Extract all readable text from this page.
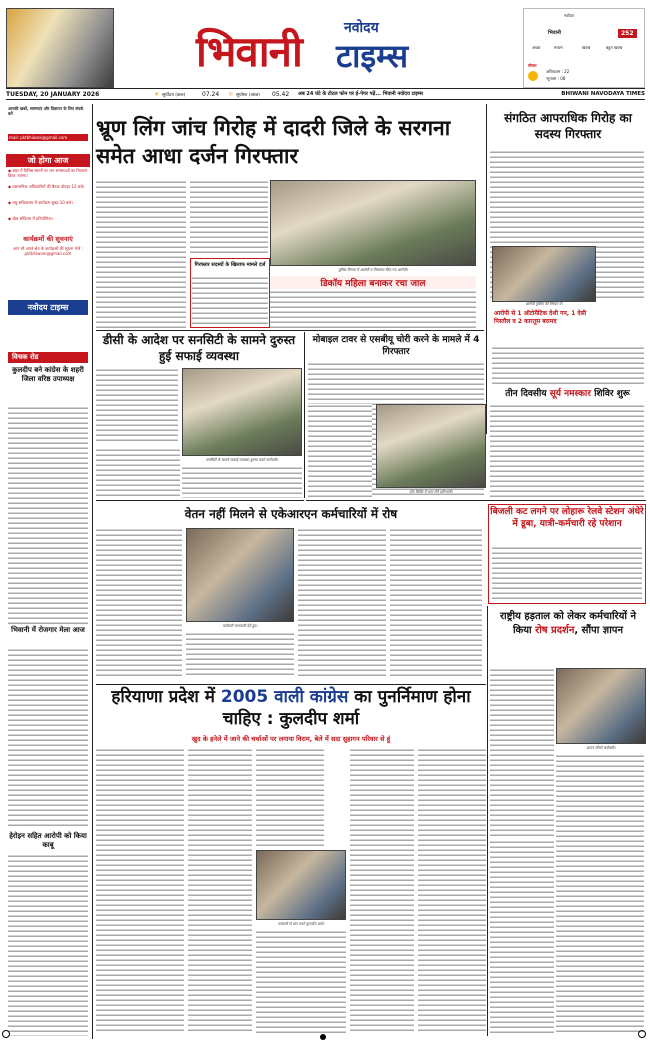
नवोदय
भिवानी टाइम्स
नवोदय
भिवानी	252
अच्छा	मध्यम	खराब	बहुत खराब
मौसम
अधिकतम : 22
न्यूनतम : 08
TUESDAY, 20 JANUARY 2026	☀ सूर्योदय (कल)	07.24 ☼ सूर्यास्त (आज) 05.42 अब 24 घंटे के टोटल फोन पर ई-पेपर पढ़ें... भिवानी नवोदय टाइम्स	BHIWANI NAVODAYA TIMES
आपकी खबरें, समस्याएं और विज्ञापन के लिए संपर्क करें
mail: pktbhiwani@gmail.com
जो होगा आज
◆ शहर में विभिन्न स्थानों पर जन समस्याओं का निवारण किया जाएगा।
◆ प्रशासनिक अधिकारियों की बैठक दोपहर 12 बजे।
◆ लघु सचिवालय में कार्यक्रम सुबह 10 बजे।
◆ खेल स्टेडियम में प्रतियोगिता।
कार्यक्रमों की सूचनाएं
आप भी अपने क्षेत्र के कार्यक्रमों की सूचना भेजें : pktbhiwani@gmail.com
नवोदय टाइम्स
विचक रोड
कुलदीप बने कांग्रेस के शहरी जिला वरिष्ठ उपाध्यक्ष
भिवानी में रोजगार मेला आज
हेरोइन सहित आरोपी को किया काबू
भ्रूण लिंग जांच गिरोह में दादरी जिले के सरगना समेत आधा दर्जन गिरफ्तार
पुलिस गिरफ्त में आरोपी व गिरफ्तार किए गए आरोपी।
डिकॉय महिला बनाकर रचा जाल
गिरफ्तार सदस्यों के खिलाफ मामले दर्ज
संगठित आपराधिक गिरोह का सदस्य गिरफ्तार
आरोपी पुलिस की गिरफ्त में।
आरोपी से 1 ऑटोमैटिक देशी गन, 1 देसी पिस्तौल व 2 कारतूस बरामद
डीसी के आदेश पर सनसिटी के सामने दुरुस्त हुई सफाई व्यवस्था
सनसिटी के सामने सफाई व्यवस्था दुरुस्त करते कर्मचारी।
मोबाइल टावर से एसबीयू चोरी करने के मामले में 4 गिरफ्तार
तीन दिवसीय सूर्य नमस्कार शिविर शुरू
वेतन नहीं मिलने से एकेआरएन कर्मचारियों में रोष
कर्मचारी जानकारी देते हुए।
योग शिविर में भाग लेते प्रतिभागी।
बिजली कट लगने पर लोहारू रेलवे स्टेशन अंधेरे में डूबा, यात्री-कर्मचारी रहे परेशान
राष्ट्रीय हड़ताल को लेकर कर्मचारियों ने किया रोष प्रदर्शन, सौंपा ज्ञापन
ज्ञापन सौंपते कर्मचारी।
हरियाणा प्रदेश में 2005 वाली कांग्रेस का पुनर्निमाण होना चाहिए : कुलदीप शर्मा
खुद के हनेले में जाने की चर्चाओं पर लगाया विराम, बेले में सदा सुहागन परिवार से हूं
पत्रकारों से बात करते कुलदीप शर्मा।
